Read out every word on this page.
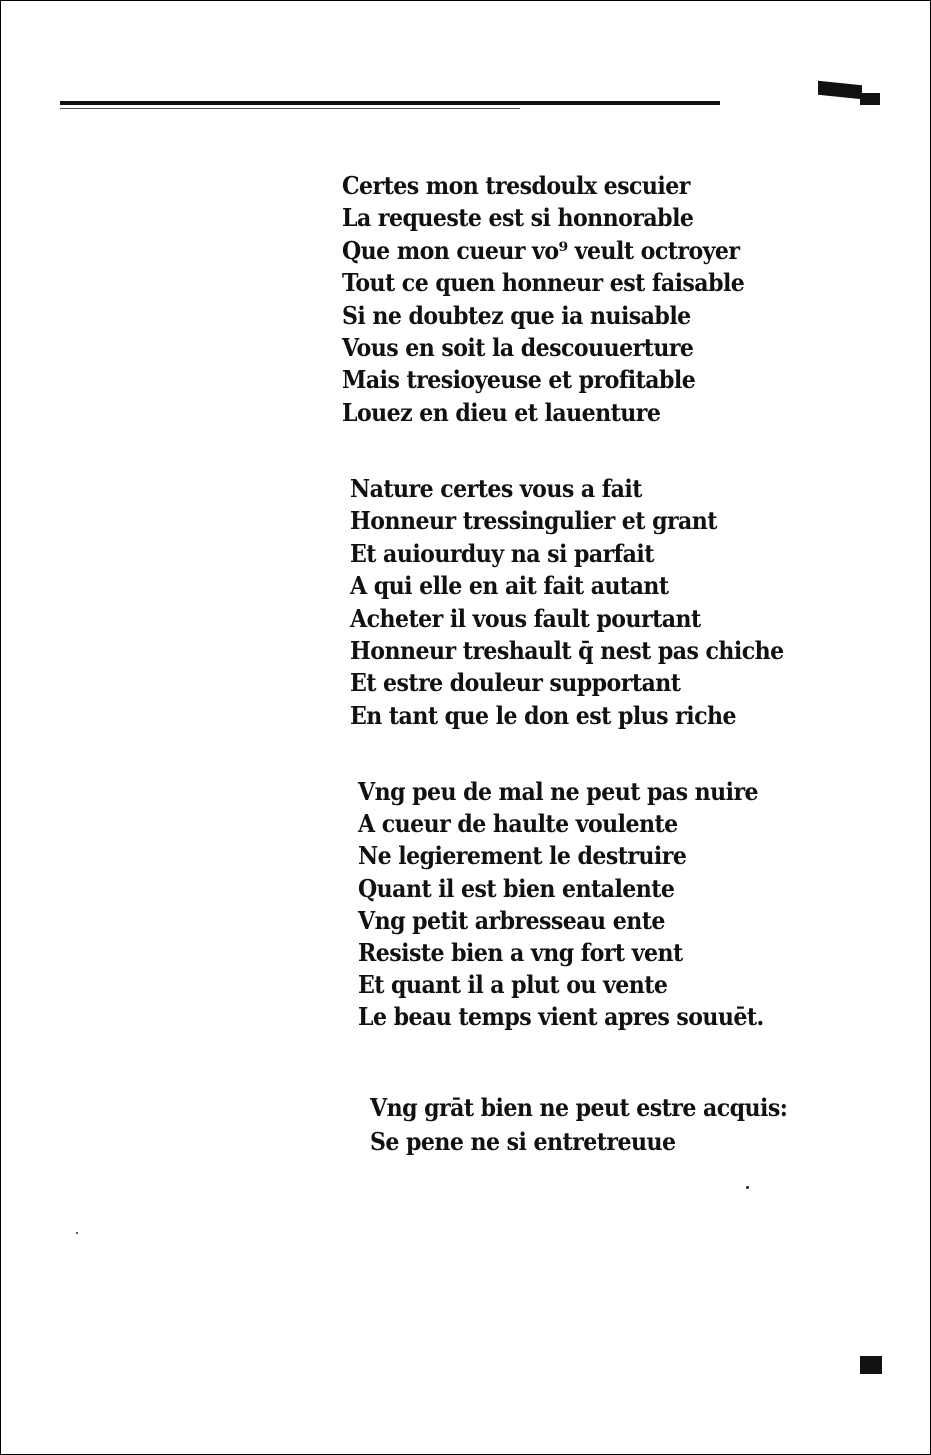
Certes mon tresdoulx escuier
La requeste est si honnorable
Que mon cueur vo⁹ veult octroyer
Tout ce quen honneur est faisable
Si ne doubtez que ia nuisable
Vous en soit la descouuerture
Mais tresioyeuse et profitable
Louez en dieu et lauenture
Nature certes vous a fait
Honneur tressingulier et grant
Et auiourduy na si parfait
A qui elle en ait fait autant
Acheter il vous fault pourtant
Honneur treshault q̄ nest pas chiche
Et estre douleur supportant
En tant que le don est plus riche
Vng peu de mal ne peut pas nuire
A cueur de haulte voulente
Ne legierement le destruire
Quant il est bien entalente
Vng petit arbresseau ente
Resiste bien a vng fort vent
Et quant il a plut ou vente
Le beau temps vient apres souuēt.
Vng grāt bien ne peut estre acquis:
Se pene ne si entretreuue
